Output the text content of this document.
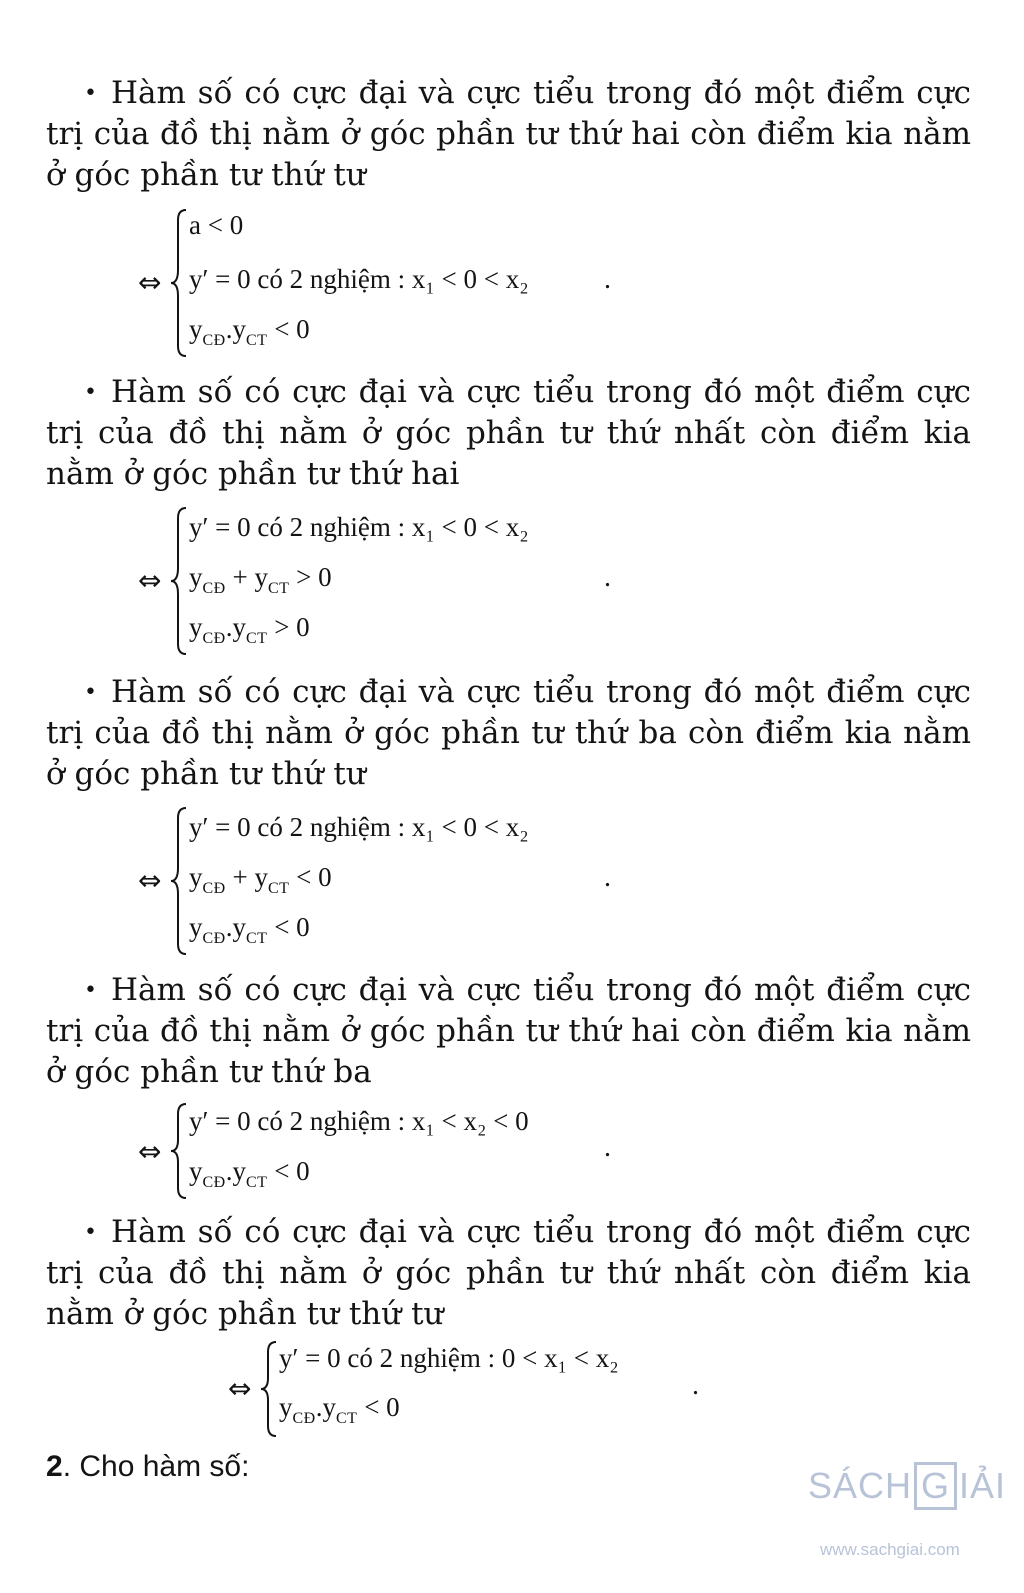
• Hàm số có cực đại và cực tiểu trong đó một điểm cực trị của đồ thị nằm ở góc phần tư thứ hai còn điểm kia nằm ở góc phần tư thứ tư
⇔
a < 0
y′ = 0 có 2 nghiệm : x₁ < 0 < x₂
$y_{CĐ}.y_{CT} < 0$
.
• Hàm số có cực đại và cực tiểu trong đó một điểm cực trị của đồ thị nằm ở góc phần tư thứ nhất còn điểm kia nằm ở góc phần tư thứ hai
⇔
y′ = 0 có 2 nghiệm : x₁ < 0 < x₂
$y_{CĐ} + y_{CT} > 0$
$y_{CĐ}.y_{CT} > 0$
.
• Hàm số có cực đại và cực tiểu trong đó một điểm cực trị của đồ thị nằm ở góc phần tư thứ ba còn điểm kia nằm ở góc phần tư thứ tư
⇔
y′ = 0 có 2 nghiệm : x₁ < 0 < x₂
$y_{CĐ} + y_{CT} < 0$
$y_{CĐ}.y_{CT} < 0$
.
• Hàm số có cực đại và cực tiểu trong đó một điểm cực trị của đồ thị nằm ở góc phần tư thứ hai còn điểm kia nằm ở góc phần tư thứ ba
⇔
y′ = 0 có 2 nghiệm : x₁ < x₂ < 0
$y_{CĐ}.y_{CT} < 0$
.
• Hàm số có cực đại và cực tiểu trong đó một điểm cực trị của đồ thị nằm ở góc phần tư thứ nhất còn điểm kia nằm ở góc phần tư thứ tư
⇔
y′ = 0 có 2 nghiệm : 0 < x₁ < x₂
$y_{CĐ}.y_{CT} < 0$
.
2. Cho hàm số:	SÁCH G IẢI
www.sachgiai.com
